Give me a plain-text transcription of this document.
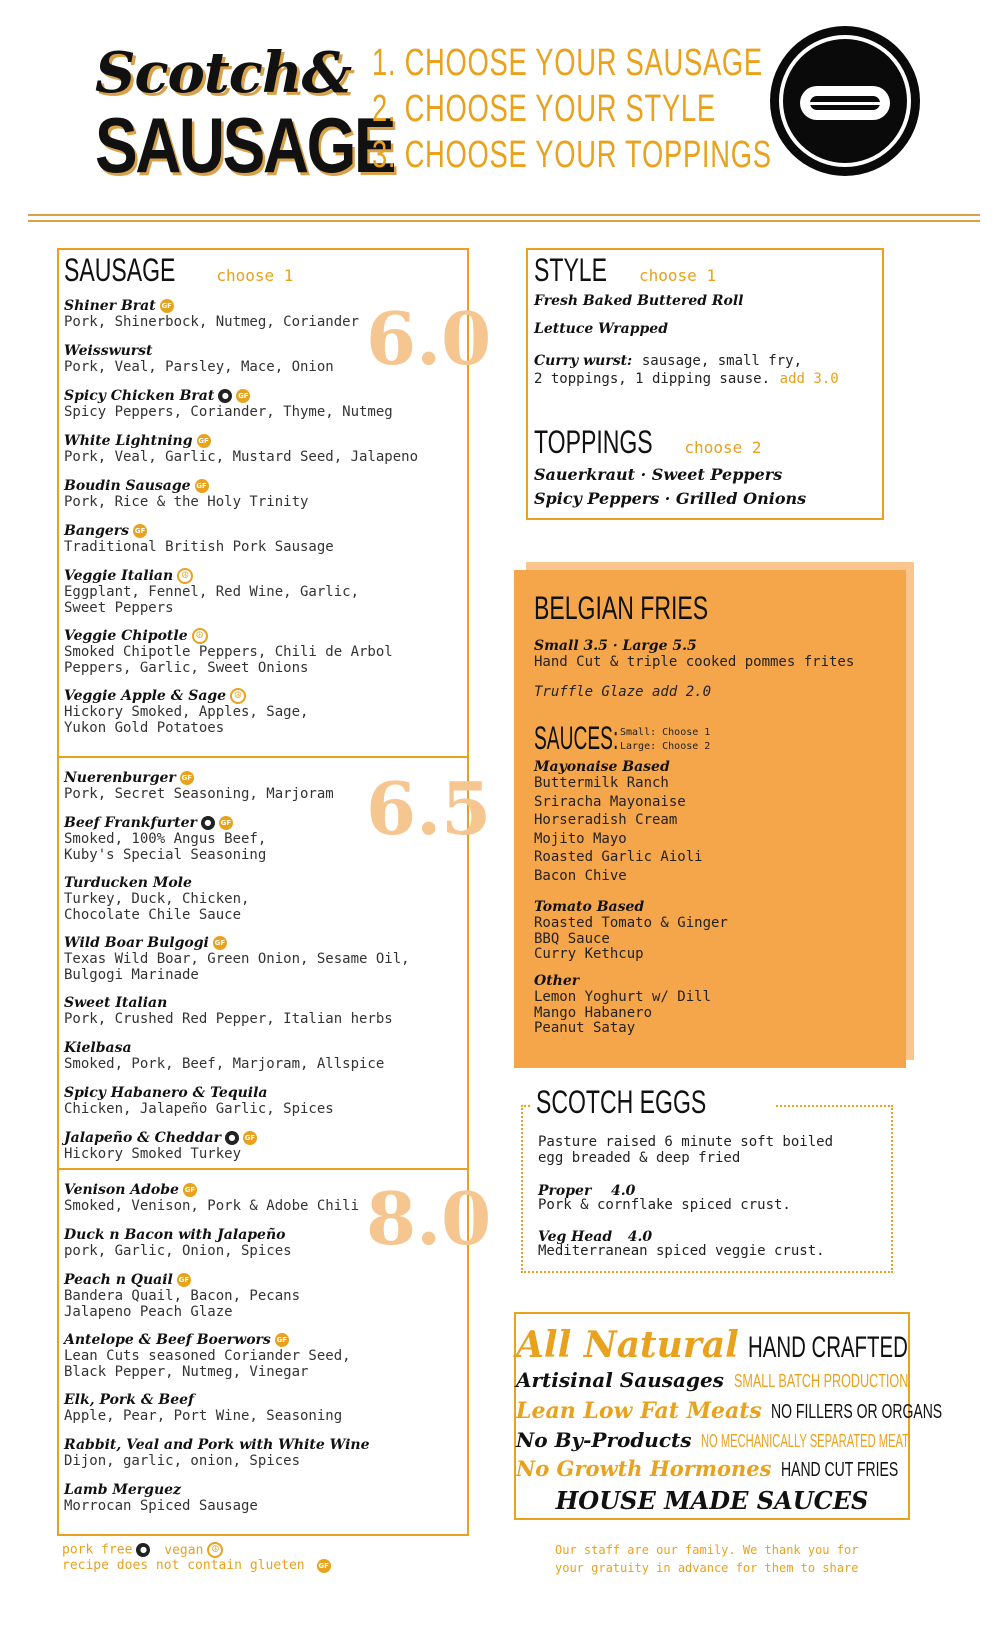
Scotch&
SAUSAGE
1. CHOOSE YOUR SAUSAGE
2. CHOOSE YOUR STYLE
3. CHOOSE YOUR TOPPINGS
SAUSAGE	choose 1
6.0
6.5
8.0
Shiner Brat GF
Pork, Shinerbock, Nutmeg, Coriander
Weisswurst
Pork, Veal, Parsley, Mace, Onion
Spicy Chicken Brat ● GF
Spicy Peppers, Coriander, Thyme, Nutmeg
White Lightning GF
Pork, Veal, Garlic, Mustard Seed, Jalapeno
Boudin Sausage GF
Pork, Rice & the Holy Trinity
Bangers GF
Traditional British Pork Sausage
Veggie Italian ☮
Eggplant, Fennel, Red Wine, Garlic,
Sweet Peppers
Veggie Chipotle ☮
Smoked Chipotle Peppers, Chili de Arbol
Peppers, Garlic, Sweet Onions
Veggie Apple & Sage ☮
Hickory Smoked, Apples, Sage,
Yukon Gold Potatoes
Nuerenburger GF
Pork, Secret Seasoning, Marjoram
Beef Frankfurter ● GF
Smoked, 100% Angus Beef,
Kuby's Special Seasoning
Turducken Mole
Turkey, Duck, Chicken,
Chocolate Chile Sauce
Wild Boar Bulgogi GF
Texas Wild Boar, Green Onion, Sesame Oil,
Bulgogi Marinade
Sweet Italian
Pork, Crushed Red Pepper, Italian herbs
Kielbasa
Smoked, Pork, Beef, Marjoram, Allspice
Spicy Habanero & Tequila
Chicken, Jalapeño Garlic, Spices
Jalapeño & Cheddar ● GF
Hickory Smoked Turkey
Venison Adobe GF
Smoked, Venison, Pork & Adobe Chili
Duck n Bacon with Jalapeño
pork, Garlic, Onion, Spices
Peach n Quail GF
Bandera Quail, Bacon, Pecans
Jalapeno Peach Glaze
Antelope & Beef Boerwors GF
Lean Cuts seasoned Coriander Seed,
Black Pepper, Nutmeg, Vinegar
Elk, Pork & Beef
Apple, Pear, Port Wine, Seasoning
Rabbit, Veal and Pork with White Wine
Dijon, garlic, onion, Spices
Lamb Merguez
Morrocan Spiced Sausage
pork free ● vegan ☮
recipe does not contain glueten GF
STYLE choose 1
Fresh Baked Buttered Roll
Lettuce Wrapped
Curry wurst: sausage, small fry,
2 toppings, 1 dipping sause. add 3.0
TOPPINGS choose 2
Sauerkraut · Sweet Peppers
Spicy Peppers · Grilled Onions
BELGIAN FRIES
Small 3.5 · Large 5.5
Hand Cut & triple cooked pommes frites
Truffle Glaze add 2.0
SAUCES: Small: Choose 1
Large: Choose 2
Mayonaise Based
Buttermilk Ranch
Sriracha Mayonaise
Horseradish Cream
Mojito Mayo
Roasted Garlic Aioli
Bacon Chive
Tomato Based
Roasted Tomato & Ginger
BBQ Sauce
Curry Kethcup
Other
Lemon Yoghurt w/ Dill
Mango Habanero
Peanut Satay
SCOTCH EGGS
Pasture raised 6 minute soft boiled
egg breaded & deep fried
Proper 4.0
Pork & cornflake spiced crust.
Veg Head 4.0
Mediterranean spiced veggie crust.
All Natural HAND CRAFTED
Artisinal Sausages SMALL BATCH PRODUCTION
Lean Low Fat Meats NO FILLERS OR ORGANS
No By-Products NO MECHANICALLY SEPARATED MEAT
No Growth Hormones HAND CUT FRIES
HOUSE MADE SAUCES
Our staff are our family. We thank you for
your gratuity in advance for them to share
